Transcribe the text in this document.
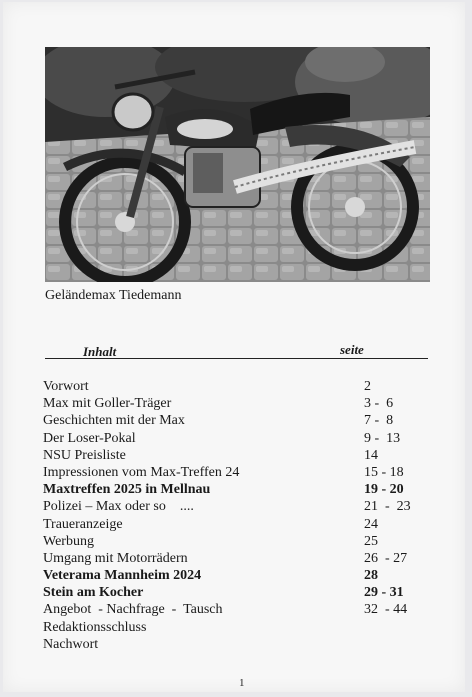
Geländemax Tiedemann
Inhalt	seite
Vorwort	2
Max mit Goller-Träger	3 -  6
Geschichten mit der Max	7 -  8
Der Loser-Pokal	9 -  13
NSU Preisliste	14
Impressionen vom Max-Treffen 24	15 - 18
Maxtreffen 2025 in Mellnau	19 - 20
Polizei – Max oder so    ....	21  -  23
Traueranzeige	24
Werbung	25
Umgang mit Motorrädern	26  - 27
Veterama Mannheim 2024	28
Stein am Kocher	29 - 31
Angebot  - Nachfrage  -  Tausch	32  - 44
Redaktionsschluss
Nachwort
1
